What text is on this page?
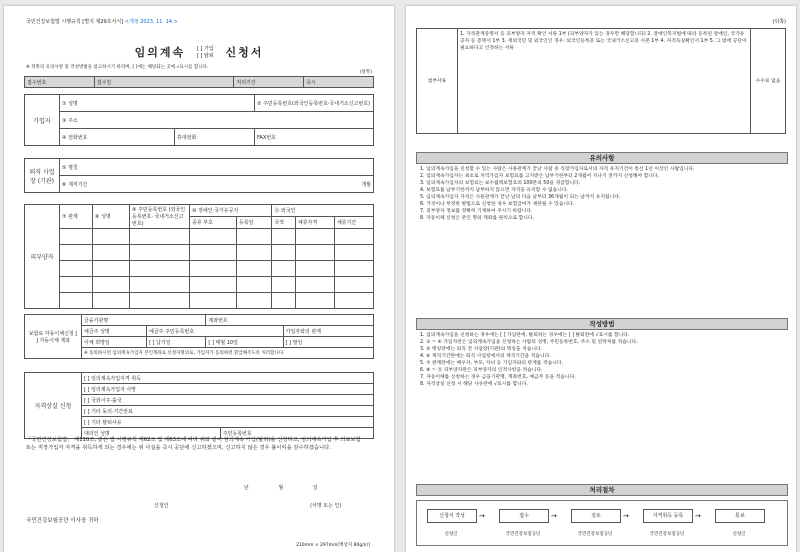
국민건강보험법 시행규칙 [별지 제29호서식] <개정 2023. 11. 14.>
임의계속 [ ] 가입
[ ] 탈퇴 신청서
※ 뒤쪽의 유의사항 및 작성방법을 참고하시기 바라며, [ ]에는 해당되는 곳에 √표시를 합니다.
(앞쪽)
접수번호	접수일	처리기간	즉시
가입자	① 성명		② 주민등록번호(외국인등록번호·국내거소신고번호)
	③ 주소		
	④ 전화번호	휴대전화	FAX번호
퇴직 사업장 (기관)	⑤ 명칭
⑥ 재직기간	개월
피부양자	⑦ 관계	⑧ 성명	⑨ 주민등록번호 (외국인등록번호· 국내거소신고번호)	⑩ 장애인·국가유공자		⑪ 외국인		
				종류 부호	등록일	국적	체류자격	체류기간

보험료 자동이체신청 [ ] 자동이체 계좌	금융기관명		계좌번호	
	예금주 성명	예금주 주민등록번호		가입자와의 관계
	이체 희망일	[ ] 납기일	[ ] 매월 10일	[ ] 말일
	※ 동의하시면 임의계속가입자 본인계좌로 신청자명의로, 가입자가 동의하면 환급해주도록 처리합니다.			
자격상실 신청	[ ] 임의계속가입자격 취득	
	[ ] 임의계속가입자 사망	
	[ ] 국외이주·출국	
	[ ] 기타 동의·기간만료	
	[ ] 기타 탈퇴사유	
	대리인 성명	주민등록번호
「국민건강보험법」 제110조, 같은 법 시행규칙 제62조 및 제63조에 따라 위와 같이 임의계속 가입(탈퇴)을 신청하고, 임의계속가입 후 의료보험 또는 직장가입자 자격을 취득하게 되는 경우에는 위 사실을 즉시 공단에 신고하겠으며, 신고하지 않은 경우 불이익을 감수하겠습니다.
년 월 일
신청인	(서명 또는 인)
국민건강보험공단 이사장 귀하
210mm × 297mm[백상지 80g/㎡]
(뒤쪽)
첨부서류	1. 가족관계증명서 등 피부양자 자격 확인 서류 1부 (피부양자가 있는 경우만 해당합니다) 2. 장애인복지법에 따라 등록된 장애인, 국가유공자 등 증명서 1부 3. 재외국민 및 외국인인 경우: 외국인등록증 또는 국내거소신고증 사본 1부 4. 자격득실확인서 1부 5. 그 밖에 공단이 필요하다고 인정하는 서류	수수료 없음
유의사항

1. 임의계속가입을 신청할 수 있는 사람은 사용관계가 끝난 사람 중 직장가입자로서의 자격 유지기간이 통산 1년 이상인 사람입니다.

2. 임의계속가입자는 최초로 지역가입자 보험료를 고지받은 납부기한부터 2개월이 지나기 전까지 신청해야 합니다.

3. 임의계속가입자의 보험료는 보수월액보험료의 100분의 50을 경감합니다.

4. 보험료를 납부기한까지 납부하지 않으면 자격을 유지할 수 없습니다.

5. 임의계속가입자 자격은 사용관계가 끝난 날의 다음 날부터 36개월이 되는 날까지 유지됩니다.

6. 거짓이나 부정한 방법으로 신청한 경우 보험급여가 제한될 수 있습니다.

7. 피부양자 정보를 정확히 기재하여 주시기 바랍니다.

8. 자동이체 신청은 본인 명의 계좌를 원칙으로 합니다.

작성방법

1. 임의계속가입을 신청하는 경우에는 [ ] 가입란에, 탈퇴하는 경우에는 [ ] 탈퇴란에 √표시를 합니다.

2. ① ~ ④ 가입자란은 임의계속가입을 신청하는 사람의 성명, 주민등록번호, 주소 및 연락처를 적습니다.

3. ⑤ 명칭란에는 퇴직 전 사업장(기관)의 명칭을 적습니다.

4. ⑥ 재직기간란에는 퇴직 사업장에서의 재직기간을 적습니다.

5. ⑦ 관계란에는 배우자, 부모, 자녀 등 가입자와의 관계를 적습니다.

6. ⑧ ~ ⑪ 피부양자란은 피부양자의 인적사항을 적습니다.

7. 자동이체를 신청하는 경우 금융기관명, 계좌번호, 예금주 등을 적습니다.

8. 자격상실 신청 시 해당 사유란에 √표시를 합니다.

처리절차
신청서 작성	→	접수	→	검토	→	자격취득 등록	→	통보
신청인	국민건강보험공단	국민건강보험공단	국민건강보험공단	신청인
